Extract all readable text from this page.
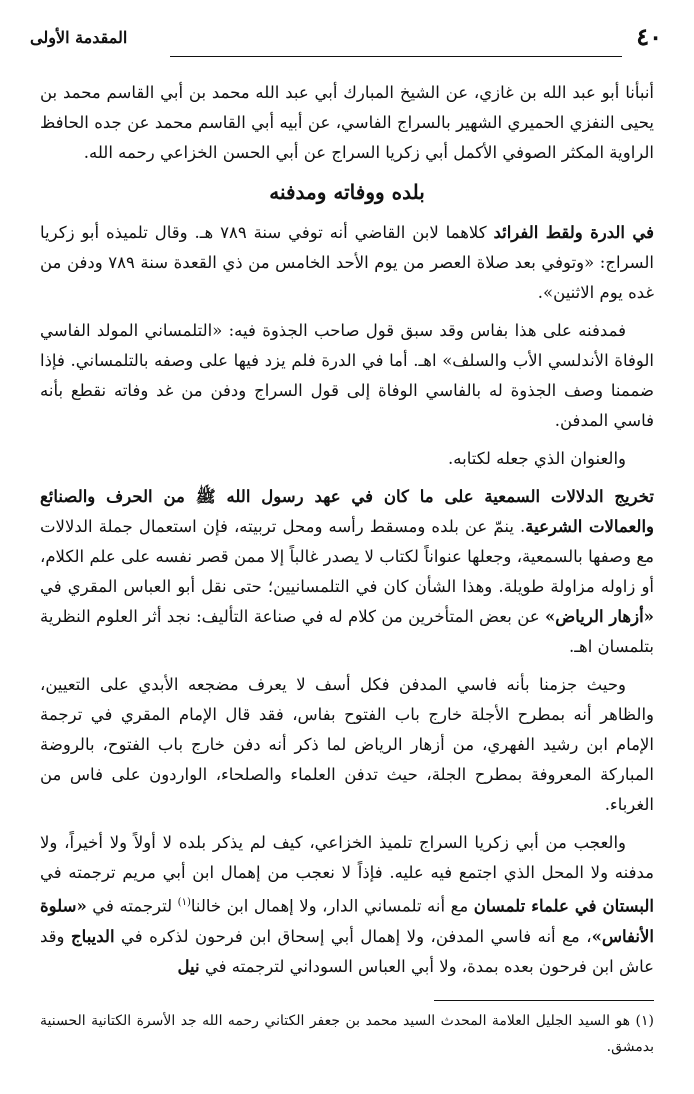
٤٠
المقدمة الأولى

أنبأنا أبو عبد الله بن غازي، عن الشيخ المبارك أبي عبد الله محمد بن أبي القاسم محمد بن يحيى النفزي الحميري الشهير بالسراج الفاسي، عن أبيه أبي القاسم محمد عن جده الحافظ الراوية المكثر الصوفي الأكمل أبي زكريا السراج عن أبي الحسن الخزاعي رحمه الله.

بلده ووفاته ومدفنه

في الدرة ولقط الفرائد كلاهما لابن القاضي أنه توفي سنة ٧٨٩ هـ. وقال تلميذه أبو زكريا السراج: «وتوفي بعد صلاة العصر من يوم الأحد الخامس من ذي القعدة سنة ٧٨٩ ودفن من غده يوم الاثنين».

فمدفنه على هذا بفاس وقد سبق قول صاحب الجذوة فيه: «التلمساني المولد الفاسي الوفاة الأندلسي الأب والسلف» اهـ. أما في الدرة فلم يزد فيها على وصفه بالتلمساني. فإذا ضممنا وصف الجذوة له بالفاسي الوفاة إلى قول السراج ودفن من غد وفاته نقطع بأنه فاسي المدفن.

والعنوان الذي جعله لكتابه.

تخريج الدلالات السمعية على ما كان في عهد رسول الله ﷺ من الحرف والصنائع والعمالات الشرعية. ينمّ عن بلده ومسقط رأسه ومحل تربيته، فإن استعمال جملة الدلالات مع وصفها بالسمعية، وجعلها عنواناً لكتاب لا يصدر غالباً إلا ممن قصر نفسه على علم الكلام، أو زاوله مزاولة طويلة. وهذا الشأن كان في التلمسانيين؛ حتى نقل أبو العباس المقري في «أزهار الرياض» عن بعض المتأخرين من كلام له في صناعة التأليف: نجد أثر العلوم النظرية بتلمسان اهـ.

وحيث جزمنا بأنه فاسي المدفن فكل أسف لا يعرف مضجعه الأبدي على التعيين، والظاهر أنه بمطرح الأجلة خارج باب الفتوح بفاس، فقد قال الإمام المقري في ترجمة الإمام ابن رشيد الفهري، من أزهار الرياض لما ذكر أنه دفن خارج باب الفتوح، بالروضة المباركة المعروفة بمطرح الجلة، حيث تدفن العلماء والصلحاء، الواردون على فاس من الغرباء.

والعجب من أبي زكريا السراج تلميذ الخزاعي، كيف لم يذكر بلده لا أولاً ولا أخيراً، ولا مدفنه ولا المحل الذي اجتمع فيه عليه. فإذاً لا نعجب من إهمال ابن أبي مريم ترجمته في البستان في علماء تلمسان مع أنه تلمساني الدار، ولا إهمال ابن خالنا$^{(١)}$ لترجمته في «سلوة الأنفاس»، مع أنه فاسي المدفن، ولا إهمال أبي إسحاق ابن فرحون لذكره في الديباج وقد عاش ابن فرحون بعده بمدة، ولا أبي العباس السوداني لترجمته في نيل

(١) هو السيد الجليل العلامة المحدث السيد محمد بن جعفر الكتاني رحمه الله جد الأسرة الكتانية الحسنية بدمشق.
